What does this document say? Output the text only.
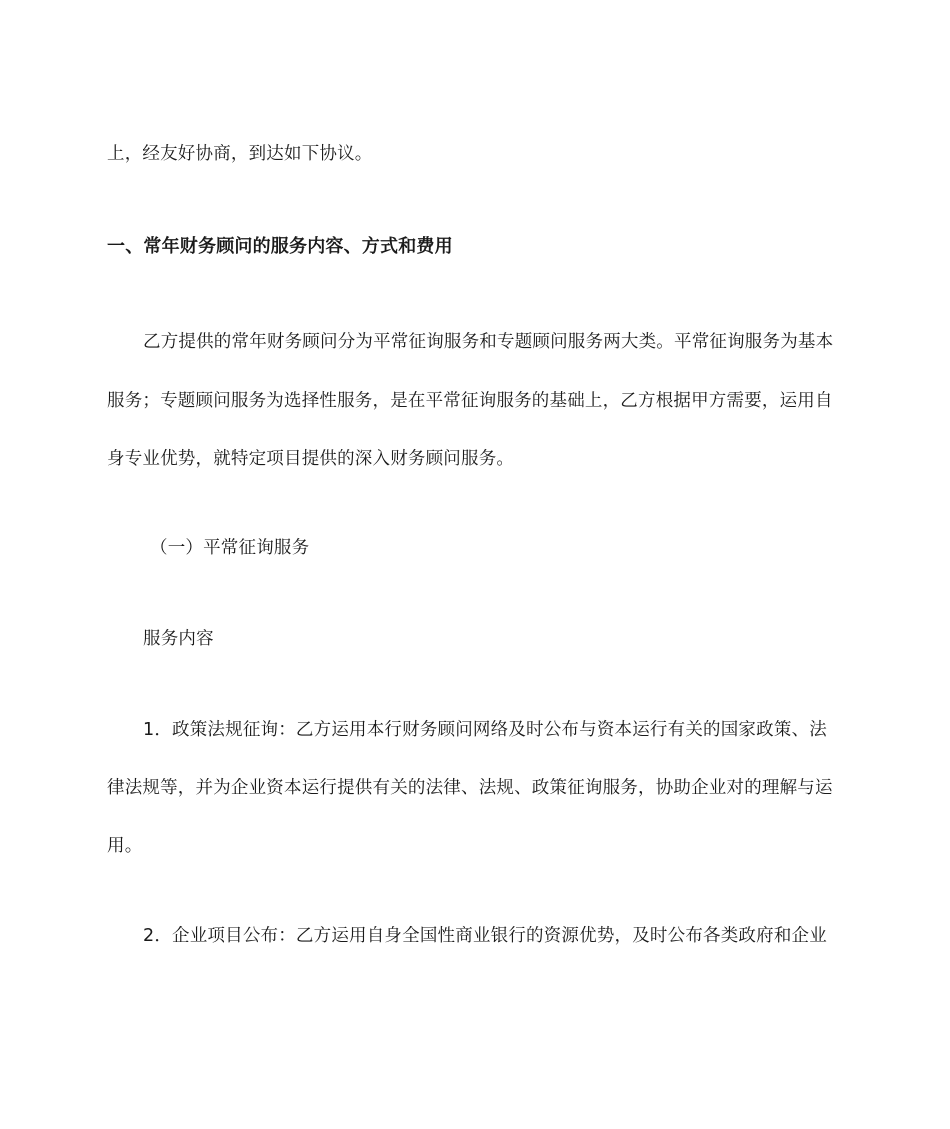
上，经友好协商，到达如下协议。
一、常年财务顾问的服务内容、方式和费用
乙方提供的常年财务顾问分为平常征询服务和专题顾问服务两大类。平常征询服务为基本
服务；专题顾问服务为选择性服务，是在平常征询服务的基础上，乙方根据甲方需要，运用自
身专业优势，就特定项目提供的深入财务顾问服务。
（一）平常征询服务
服务内容
1．政策法规征询：乙方运用本行财务顾问网络及时公布与资本运行有关的国家政策、法
律法规等，并为企业资本运行提供有关的法律、法规、政策征询服务，协助企业对的理解与运
用。
2．企业项目公布：乙方运用自身全国性商业银行的资源优势，及时公布各类政府和企业
